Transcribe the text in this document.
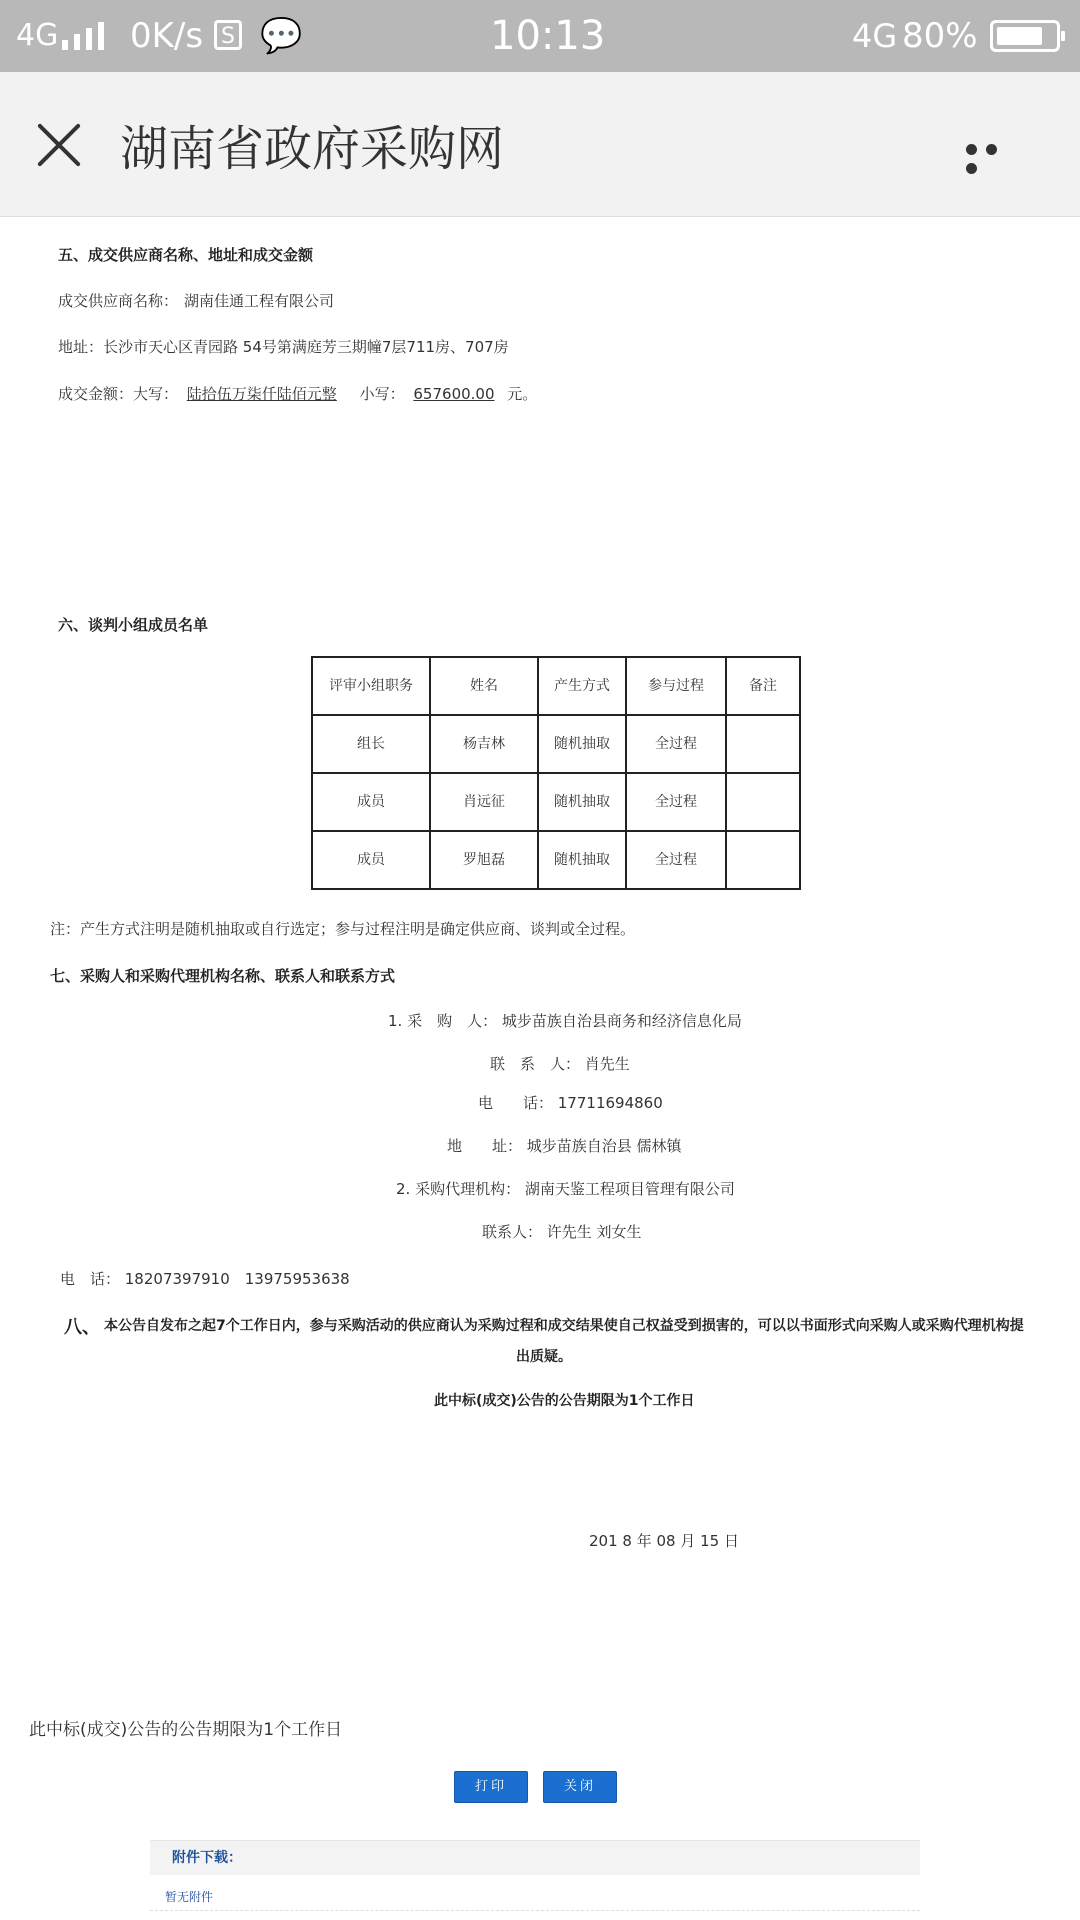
4G 0K/s S 💬	10:13	4G 80%
湖南省政府采购网
五、成交供应商名称、地址和成交金额
成交供应商名称： 湖南佳通工程有限公司
地址：长沙市天心区青园路 54号第满庭芳三期幢7层711房、707房
成交金额：大写： 陆拾伍万柒仟陆佰元整 小写： 657600.00 元。
六、谈判小组成员名单
评审小组职务	姓名	产生方式	参与过程	备注
组长	杨吉林	随机抽取	全过程	
成员	肖远征	随机抽取	全过程	
成员	罗旭磊	随机抽取	全过程	
注：产生方式注明是随机抽取或自行选定；参与过程注明是确定供应商、谈判或全过程。
七、采购人和采购代理机构名称、联系人和联系方式
1. 采　购　人： 城步苗族自治县商务和经济信息化局
联　系　人： 肖先生
电　　话： 17711694860
地　　址： 城步苗族自治县 儒林镇
2. 采购代理机构： 湖南天鉴工程项目管理有限公司
联系人： 许先生 刘女生
电　话： 18207397910　13975953638
八、 本公告自发布之起7个工作日内，参与采购活动的供应商认为采购过程和成交结果使自己权益受到损害的，可以以书面形式向采购人或采购代理机构提
出质疑。
此中标(成交)公告的公告期限为1个工作日
201 8 年 08 月 15 日
此中标(成交)公告的公告期限为1个工作日
打印	关闭
附件下载：
暂无附件
